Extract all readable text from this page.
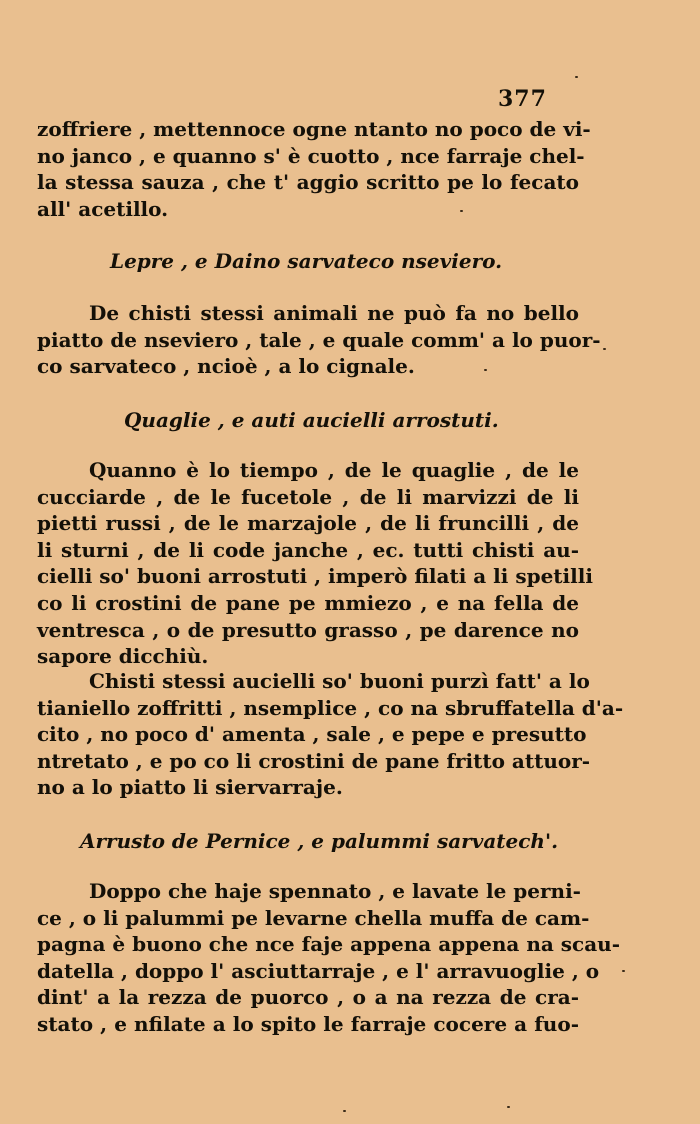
377
zoffriere , mettennoce ogne ntanto no poco de vi-
no janco , e quanno s' è cuotto , nce farraje chel-
la stessa sauza , che t' aggio scritto pe lo fecato
all' acetillo.
Lepre , e Daino sarvateco nseviero.
De chisti stessi animali ne può fa no bello
piatto de nseviero , tale , e quale comm' a lo puor-
co sarvateco , ncioè , a lo cignale.
Quaglie , e auti aucielli arrostuti.
Quanno è lo tiempo , de le quaglie , de le
cucciarde , de le fucetole , de li marvizzi de li
pietti russi , de le marzajole , de li fruncilli , de
li sturni , de li code janche , ec. tutti chisti au-
cielli so' buoni arrostuti , imperò filati a li spetilli
co li crostini de pane pe mmiezo , e na fella de
ventresca , o de presutto grasso , pe darence no
sapore dicchiù.
Chisti stessi aucielli so' buoni purzì fatt' a lo
tianiello zoffritti , nsemplice , co na sbruffatella d'a-
cito , no poco d' amenta , sale , e pepe e presutto
ntretato , e po co li crostini de pane fritto attuor-
no a lo piatto li siervarraje.
Arrusto de Pernice , e palummi sarvatech'.
Doppo che haje spennato , e lavate le perni-
ce , o li palummi pe levarne chella muffa de cam-
pagna è buono che nce faje appena appena na scau-
datella , doppo l' asciuttarraje , e l' arravuoglie , o
dint' a la rezza de puorco , o a na rezza de cra-
stato , e nfilate a lo spito le farraje cocere a fuo-
